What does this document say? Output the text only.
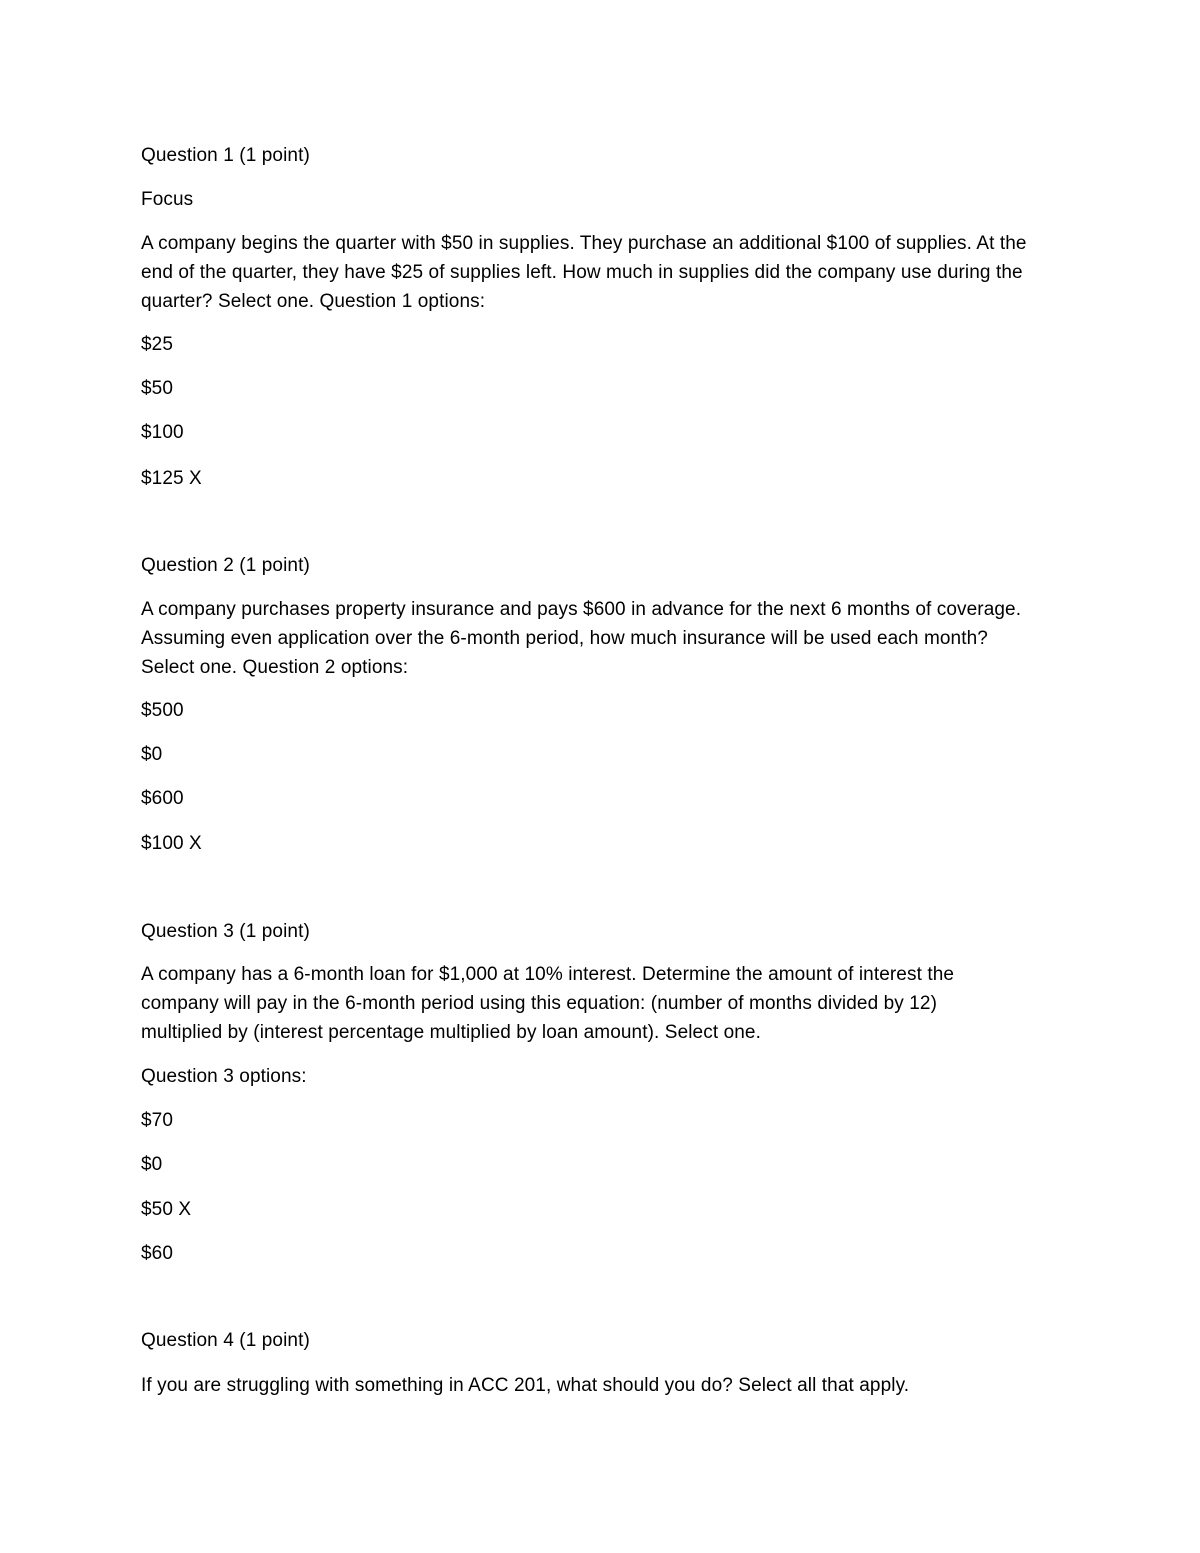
Question 1 (1 point)
Focus
A company begins the quarter with $50 in supplies. They purchase an additional $100 of supplies. At the
end of the quarter, they have $25 of supplies left. How much in supplies did the company use during the
quarter? Select one. Question 1 options:
$25
$50
$100
$125 X
Question 2 (1 point)
A company purchases property insurance and pays $600 in advance for the next 6 months of coverage.
Assuming even application over the 6-month period, how much insurance will be used each month?
Select one. Question 2 options:
$500
$0
$600
$100 X
Question 3 (1 point)
A company has a 6-month loan for $1,000 at 10% interest. Determine the amount of interest the
company will pay in the 6-month period using this equation: (number of months divided by 12)
multiplied by (interest percentage multiplied by loan amount). Select one.
Question 3 options:
$70
$0
$50 X
$60
Question 4 (1 point)
If you are struggling with something in ACC 201, what should you do? Select all that apply.
